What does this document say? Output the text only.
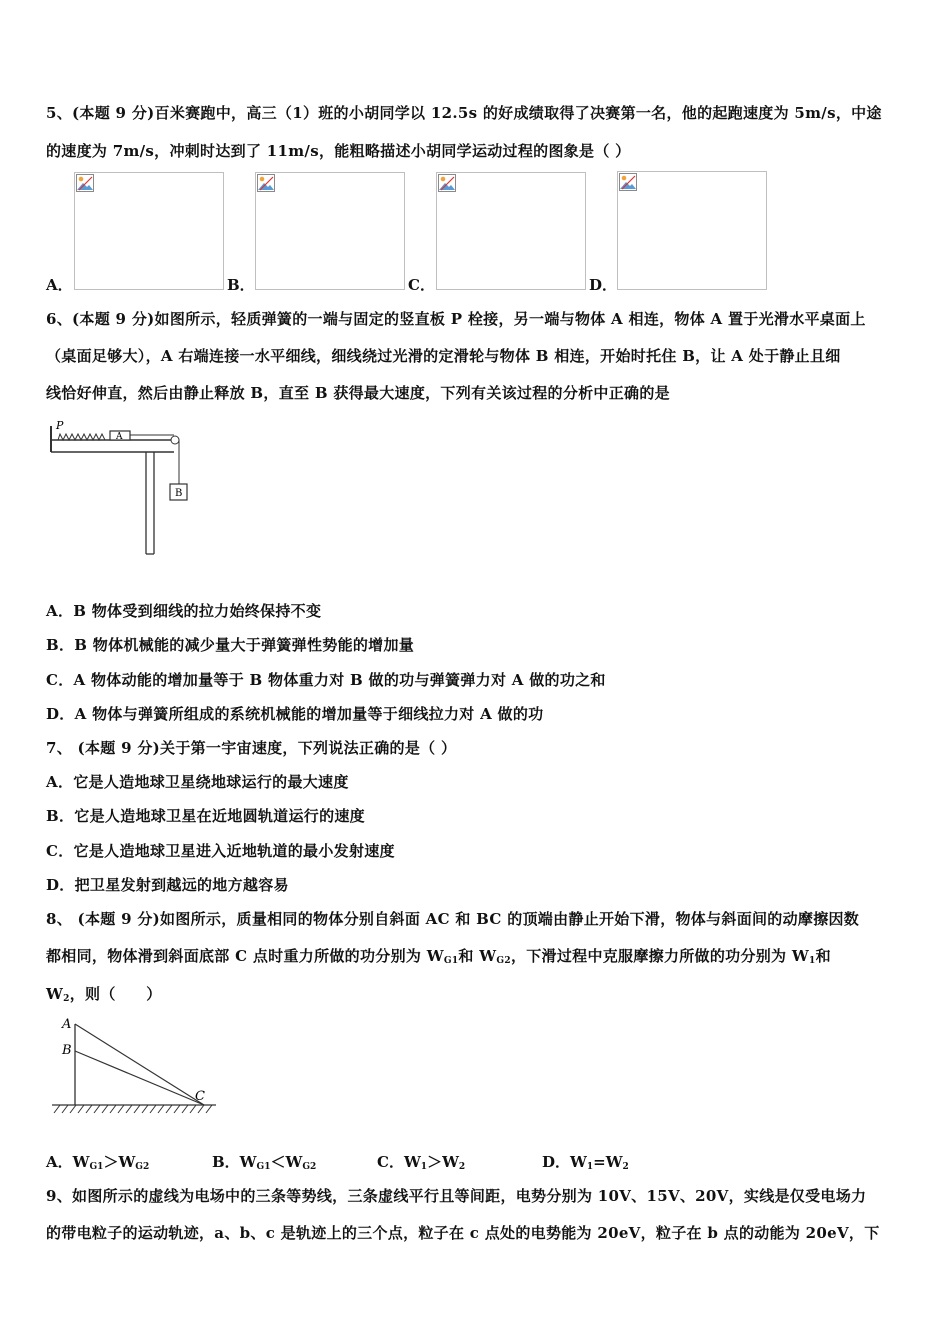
5、(本题 9 分)百米赛跑中，高三（1）班的小胡同学以 12.5s 的好成绩取得了决赛第一名，他的起跑速度为 5m/s，中途
的速度为 7m/s，冲刺时达到了 11m/s，能粗略描述小胡同学运动过程的图象是（ ）
A．	B．	C．	D．
6、(本题 9 分)如图所示，轻质弹簧的一端与固定的竖直板 P 栓接，另一端与物体 A 相连，物体 A 置于光滑水平桌面上
（桌面足够大），A 右端连接一水平细线，细线绕过光滑的定滑轮与物体 B 相连，开始时托住 B，让 A 处于静止且细
线恰好伸直，然后由静止释放 B，直至 B 获得最大速度，下列有关该过程的分析中正确的是
P
A
B
A．B 物体受到细线的拉力始终保持不变
B．B 物体机械能的减少量大于弹簧弹性势能的增加量
C．A 物体动能的增加量等于 B 物体重力对 B 做的功与弹簧弹力对 A 做的功之和
D．A 物体与弹簧所组成的系统机械能的增加量等于细线拉力对 A 做的功
7、 (本题 9 分)关于第一宇宙速度，下列说法正确的是（ ）
A．它是人造地球卫星绕地球运行的最大速度
B．它是人造地球卫星在近地圆轨道运行的速度
C．它是人造地球卫星进入近地轨道的最小发射速度
D．把卫星发射到越远的地方越容易
8、 (本题 9 分)如图所示，质量相同的物体分别自斜面 AC 和 BC 的顶端由静止开始下滑，物体与斜面间的动摩擦因数
都相同，物体滑到斜面底部 C 点时重力所做的功分别为 $W_{G1}$和 $W_{G2}$，下滑过程中克服摩擦力所做的功分别为 $W_1$和
$W_2$，则（　　）
A
B
C
A．$W_{G1}>W_{G2}$	B．$W_{G1}<W_{G2}$	C．$W_1>W_2$	D．$W_1=W_2$
9、如图所示的虚线为电场中的三条等势线，三条虚线平行且等间距，电势分别为 10V、15V、20V，实线是仅受电场力
的带电粒子的运动轨迹，a、b、c 是轨迹上的三个点，粒子在 c 点处的电势能为 20eV，粒子在 b 点的动能为 20eV，下
